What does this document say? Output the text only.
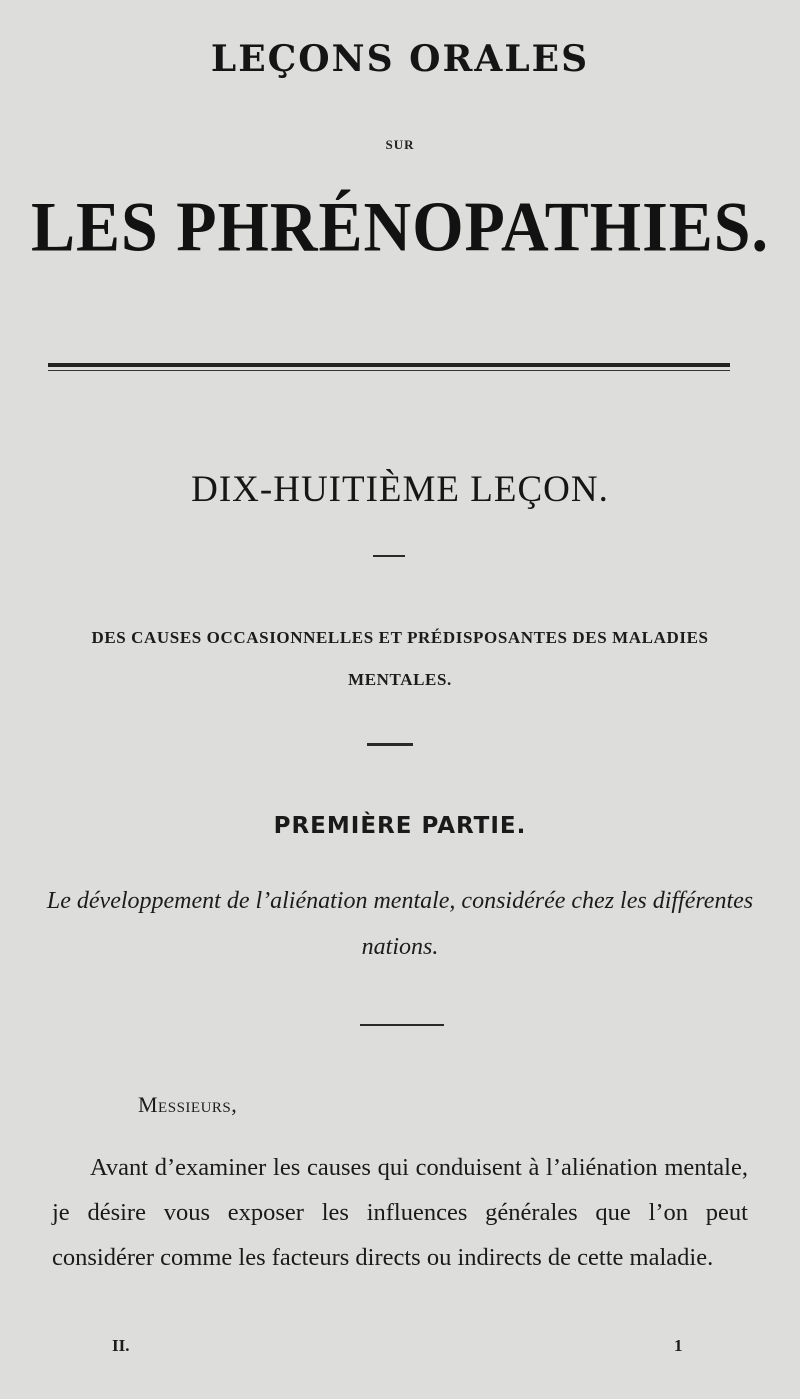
LEÇONS ORALES
SUR
LES PHRÉNOPATHIES.
DIX-HUITIÈME LEÇON.
DES CAUSES OCCASIONNELLES ET PRÉDISPOSANTES DES MALADIES MENTALES.
PREMIÈRE PARTIE.
Le développement de l’aliénation mentale, considérée chez les différentes nations.
Messieurs,

Avant d’examiner les causes qui conduisent à l’aliénation mentale, je désire vous exposer les influences générales que l’on peut considérer comme les facteurs directs ou indirects de cette maladie.

II.	1
